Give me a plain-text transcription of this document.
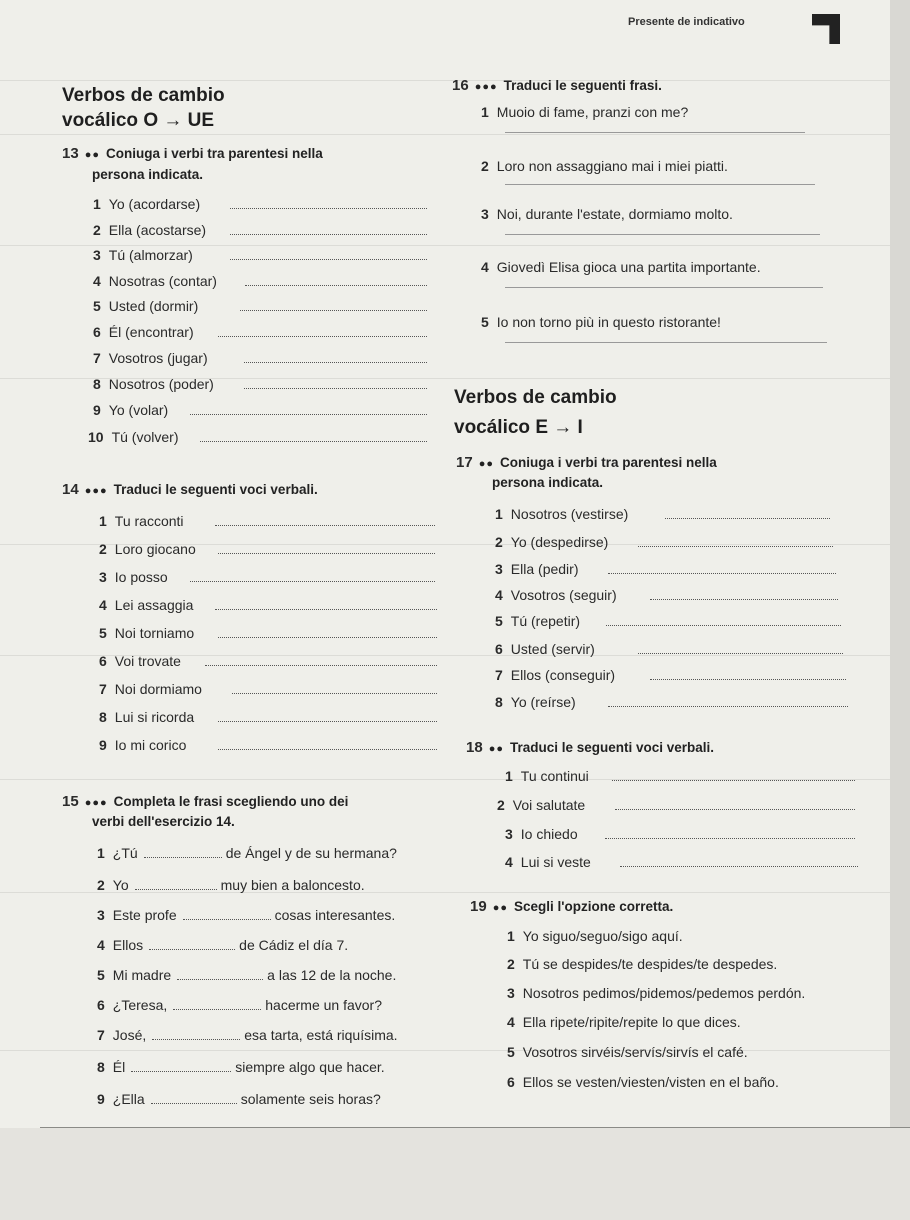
Presente de indicativo
Verbos de cambio
vocálico O → UE
13 ●● Coniuga i verbi tra parentesi nella
persona indicata.
1 Yo (acordarse)
2 Ella (acostarse)
3 Tú (almorzar)
4 Nosotras (contar)
5 Usted (dormir)
6 Él (encontrar)
7 Vosotros (jugar)
8 Nosotros (poder)
9 Yo (volar)
10 Tú (volver)
14 ●●● Traduci le seguenti voci verbali.
1 Tu racconti
2 Loro giocano
3 Io posso
4 Lei assaggia
5 Noi torniamo
6 Voi trovate
7 Noi dormiamo
8 Lui si ricorda
9 Io mi corico
15 ●●● Completa le frasi scegliendo uno dei
verbi dell'esercizio 14.
1 ¿Tú	de Ángel y de su hermana?
2 Yo	muy bien a baloncesto.
3 Este profe	cosas interesantes.
4 Ellos	de Cádiz el día 7.
5 Mi madre	a las 12 de la noche.
6 ¿Teresa,	hacerme un favor?
7 José,	esa tarta, está riquísima.
8 Él	siempre algo que hacer.
9 ¿Ella	solamente seis horas?
16 ●●● Traduci le seguenti frasi.
1 Muoio di fame, pranzi con me?
2 Loro non assaggiano mai i miei piatti.
3 Noi, durante l'estate, dormiamo molto.
4 Giovedì Elisa gioca una partita importante.
5 Io non torno più in questo ristorante!
Verbos de cambio
vocálico E → I
17 ●● Coniuga i verbi tra parentesi nella
persona indicata.
1 Nosotros (vestirse)
2 Yo (despedirse)
3 Ella (pedir)
4 Vosotros (seguir)
5 Tú (repetir)
6 Usted (servir)
7 Ellos (conseguir)
8 Yo (reírse)
18 ●● Traduci le seguenti voci verbali.
1 Tu continui
2 Voi salutate
3 Io chiedo
4 Lui si veste
19 ●● Scegli l'opzione corretta.
1 Yo siguo/seguo/sigo aquí.
2 Tú se despides/te despides/te despedes.
3 Nosotros pedimos/pidemos/pedemos perdón.
4 Ella ripete/ripite/repite lo que dices.
5 Vosotros sirvéis/servís/sirvís el café.
6 Ellos se vesten/viesten/visten en el baño.
